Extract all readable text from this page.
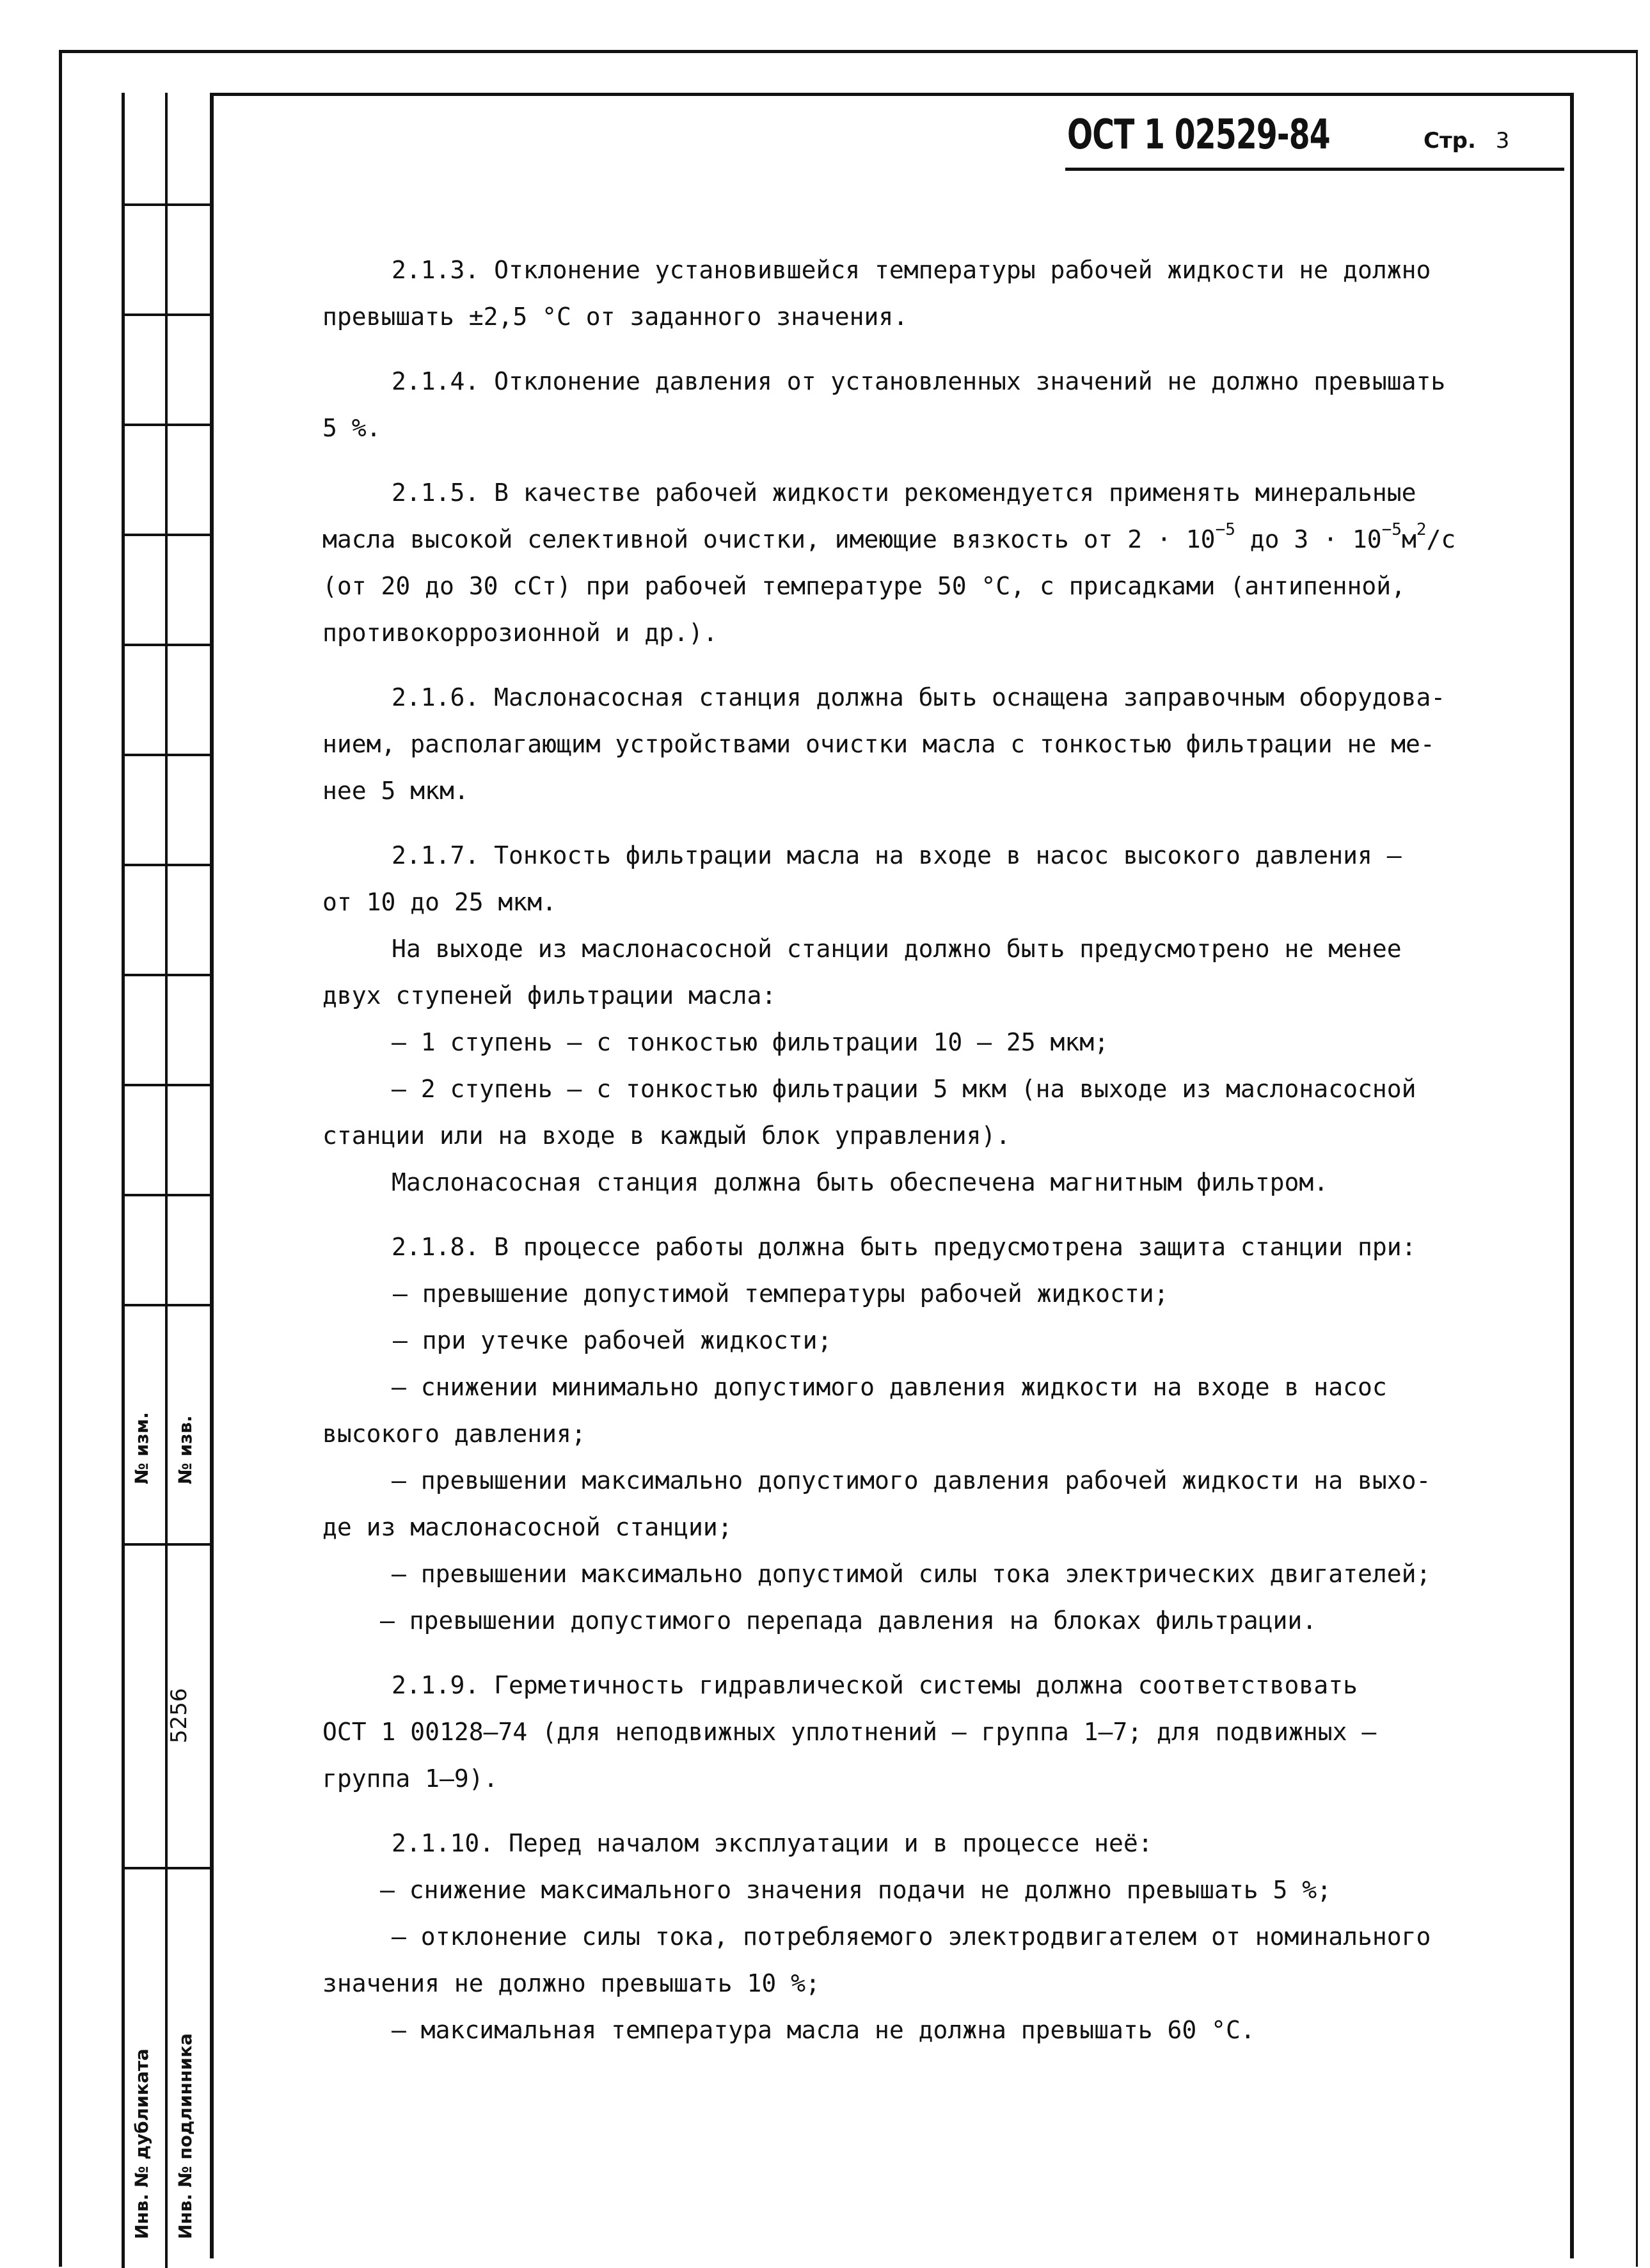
№ изм. № изв.
5256
Инв. № дубликата Инв. № подлинника
ОСТ 1 02529-84	Стр. 3
2.1.3. Отклонение установившейся температуры рабочей жидкости не должно
превышать ±2,5 °С от заданного значения.
2.1.4. Отклонение давления от установленных значений не должно превышать
5 %.
2.1.5. В качестве рабочей жидкости рекомендуется применять минеральные
масла высокой селективной очистки, имеющие вязкость от $2 \cdot 10^{-5}$ до $3 \cdot 10^{-5}м^2/с$
(от 20 до 30 сСт) при рабочей температуре 50 °С, с присадками (антипенной,
противокоррозионной и др.).
2.1.6. Маслонасосная станция должна быть оснащена заправочным оборудова-
нием, располагающим устройствами очистки масла с тонкостью фильтрации не ме-
нее 5 мкм.
2.1.7. Тонкость фильтрации масла на входе в насос высокого давления –
от 10 до 25 мкм.
На выходе из маслонасосной станции должно быть предусмотрено не менее
двух ступеней фильтрации масла:
– 1 ступень – с тонкостью фильтрации 10 – 25 мкм;
– 2 ступень – с тонкостью фильтрации 5 мкм (на выходе из маслонасосной
станции или на входе в каждый блок управления).
Маслонасосная станция должна быть обеспечена магнитным фильтром.
2.1.8. В процессе работы должна быть предусмотрена защита станции при:
– превышение допустимой температуры рабочей жидкости;
– при утечке рабочей жидкости;
– снижении минимально допустимого давления жидкости на входе в насос
высокого давления;
– превышении максимально допустимого давления рабочей жидкости на выхо-
де из маслонасосной станции;
– превышении максимально допустимой силы тока электрических двигателей;
– превышении допустимого перепада давления на блоках фильтрации.
2.1.9. Герметичность гидравлической системы должна соответствовать
ОСТ 1 00128–74 (для неподвижных уплотнений – группа 1–7; для подвижных –
группа 1–9).
2.1.10. Перед началом эксплуатации и в процессе неё:
– снижение максимального значения подачи не должно превышать 5 %;
– отклонение силы тока, потребляемого электродвигателем от номинального
значения не должно превышать 10 %;
– максимальная температура масла не должна превышать 60 °С.
